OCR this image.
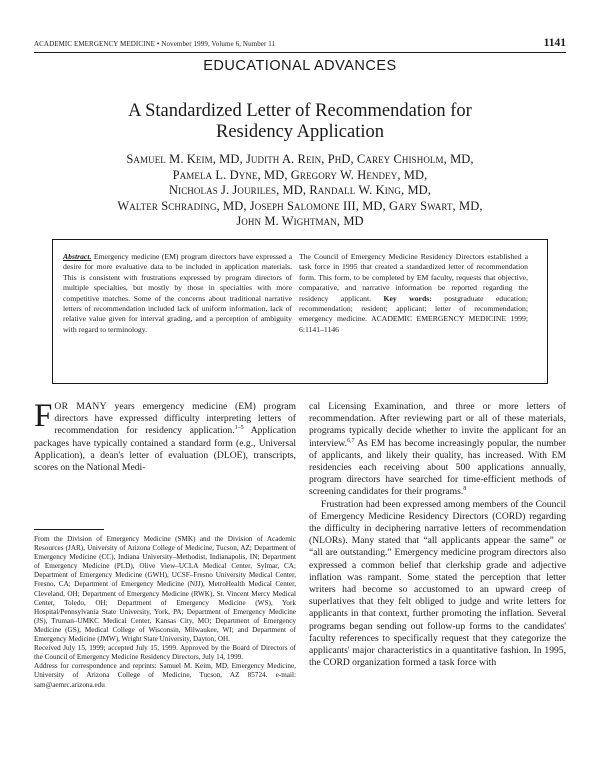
ACADEMIC EMERGENCY MEDICINE • November 1999, Volume 6, Number 11	1141
EDUCATIONAL ADVANCES
A Standardized Letter of Recommendation for
Residency Application
Samuel M. Keim, MD, Judith A. Rein, PhD, Carey Chisholm, MD,
Pamela L. Dyne, MD, Gregory W. Hendey, MD,
Nicholas J. Jouriles, MD, Randall W. King, MD,
Walter Schrading, MD, Joseph Salomone III, MD, Gary Swart, MD,
John M. Wightman, MD
Abstract. Emergency medicine (EM) program directors have expressed a desire for more evaluative data to be included in application materials. This is consistent with frustrations expressed by program directors of multiple specialties, but mostly by those in specialties with more competitive matches. Some of the concerns about traditional narrative letters of recommendation included lack of uniform information, lack of relative value given for interval grading, and a perception of ambiguity with regard to terminology.
The Council of Emergency Medicine Residency Directors established a task force in 1995 that created a standardized letter of recommendation form. This form, to be completed by EM faculty, requests that objective, comparative, and narrative information be reported regarding the residency applicant. Key words: postgraduate education; recommendation; resident; applicant; letter of recommendation; emergency medicine. ACADEMIC EMERGENCY MEDICINE 1999; 6:1141–1146

FOR MANY years emergency medicine (EM) program directors have expressed difficulty interpreting letters of recommendation for residency application.$^{1-5}$ Application packages have typically contained a standard form (e.g., Universal Application), a dean's letter of evaluation (DLOE), transcripts, scores on the National Medi-

From the Division of Emergency Medicine (SMK) and the Division of Academic Resources (JAR), University of Arizona College of Medicine, Tucson, AZ; Department of Emergency Medicine (CC), Indiana University–Methodist, Indianapolis, IN; Department of Emergency Medicine (PLD), Olive View–UCLA Medical Center, Sylmar, CA; Department of Emergency Medicine (GWH), UCSF–Fresno University Medical Center, Fresno, CA; Department of Emergency Medicine (NJJ), MetroHealth Medical Center, Cleveland, OH; Department of Emergency Medicine (RWK), St. Vincent Mercy Medical Center, Toledo, OH; Department of Emergency Medicine (WS), York Hospital/Pennsylvania State University, York, PA; Department of Emergency Medicine (JS), Truman–UMKC Medical Center, Kansas City, MO; Department of Emergency Medicine (GS), Medical College of Wisconsin, Milwaukee, WI; and Department of Emergency Medicine (JMW), Wright State University, Dayton, OH.

Received July 15, 1999; accepted July 15, 1999. Approved by the Board of Directors of the Council of Emergency Medicine Residency Directors, July 14, 1999.

Address for correspondence and reprints: Samuel M. Keim, MD, Emergency Medicine, University of Arizona College of Medicine, Tucson, AZ 85724. e-mail: sam@aemrc.arizona.edu

cal Licensing Examination, and three or more letters of recommendation. After reviewing part or all of these materials, programs typically decide whether to invite the applicant for an interview.$^{6,7}$ As EM has become increasingly popular, the number of applicants, and likely their quality, has increased. With EM residencies each receiving about 500 applications annually, program directors have searched for time-efficient methods of screening candidates for their programs.$^8$

Frustration had been expressed among members of the Council of Emergency Medicine Residency Directors (CORD) regarding the difficulty in deciphering narrative letters of recommendation (NLORs). Many stated that “all applicants appear the same” or “all are outstanding.” Emergency medicine program directors also expressed a common belief that clerkship grade and adjective inflation was rampant. Some stated the perception that letter writers had become so accustomed to an upward creep of superlatives that they felt obliged to judge and write letters for applicants in that context, further promoting the inflation. Several programs began sending out follow-up forms to the candidates' faculty references to specifically request that they categorize the applicants' major characteristics in a quantitative fashion. In 1995, the CORD organization formed a task force with
